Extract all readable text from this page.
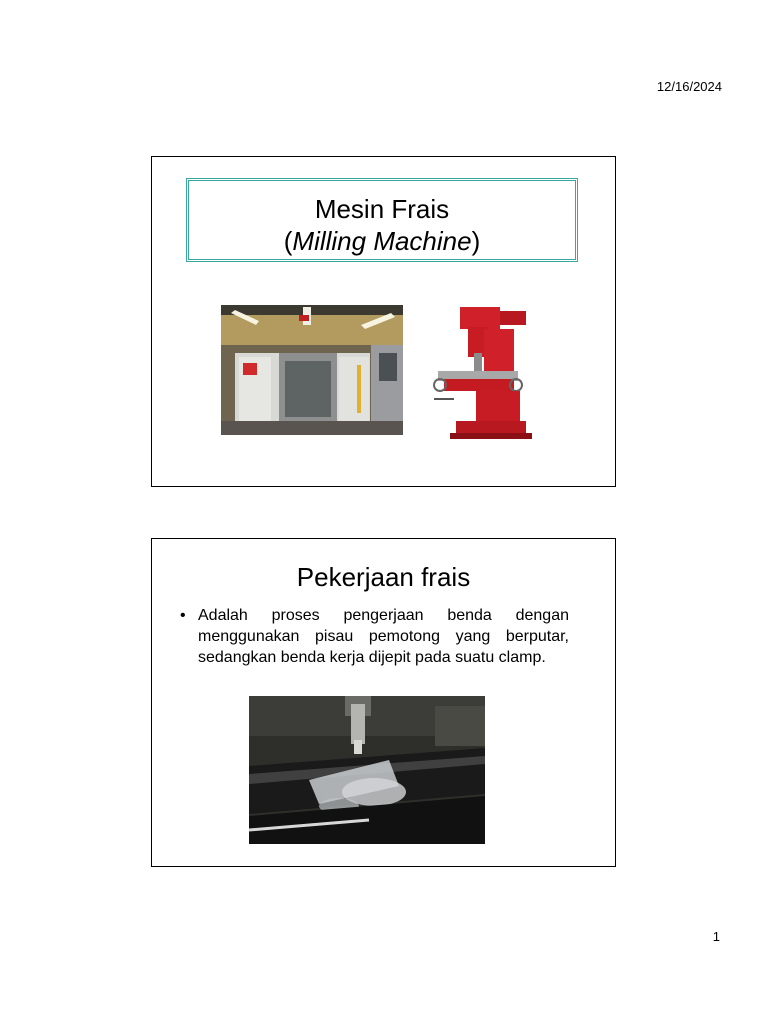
12/16/2024
Mesin Frais
(Milling Machine)
Pekerjaan frais
• Adalah proses pengerjaan benda dengan menggunakan pisau pemotong yang berputar, sedangkan benda kerja dijepit pada suatu clamp.
1
